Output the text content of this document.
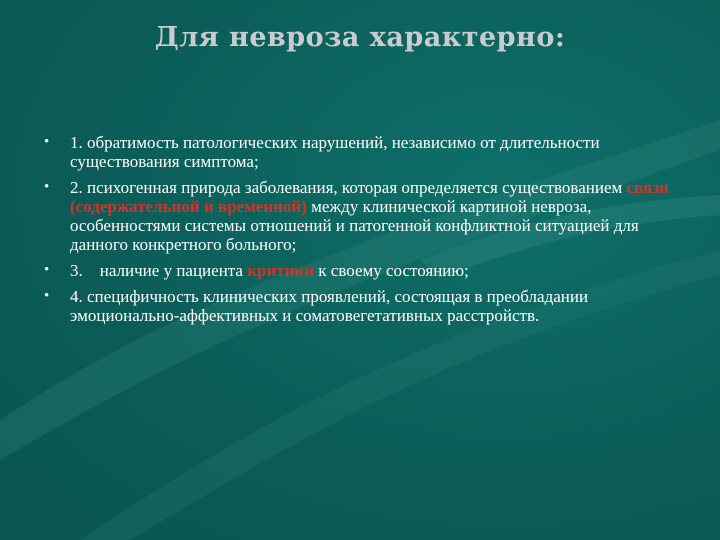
Для невроза характерно:
• 1. обратимость патологических нарушений, независимо от длительности существования симптома;
• 2. психогенная природа заболевания, которая определяется существованием связи (содержательной и временной) между клинической картиной невроза, особенностями системы отношений и патогенной конфликтной ситуацией для данного конкретного больного;
• 3.    наличие у пациента критики к своему состоянию;
• 4. специфичность клинических проявлений, состоящая в преобладании эмоционально-аффективных и соматовегетативных расстройств.
